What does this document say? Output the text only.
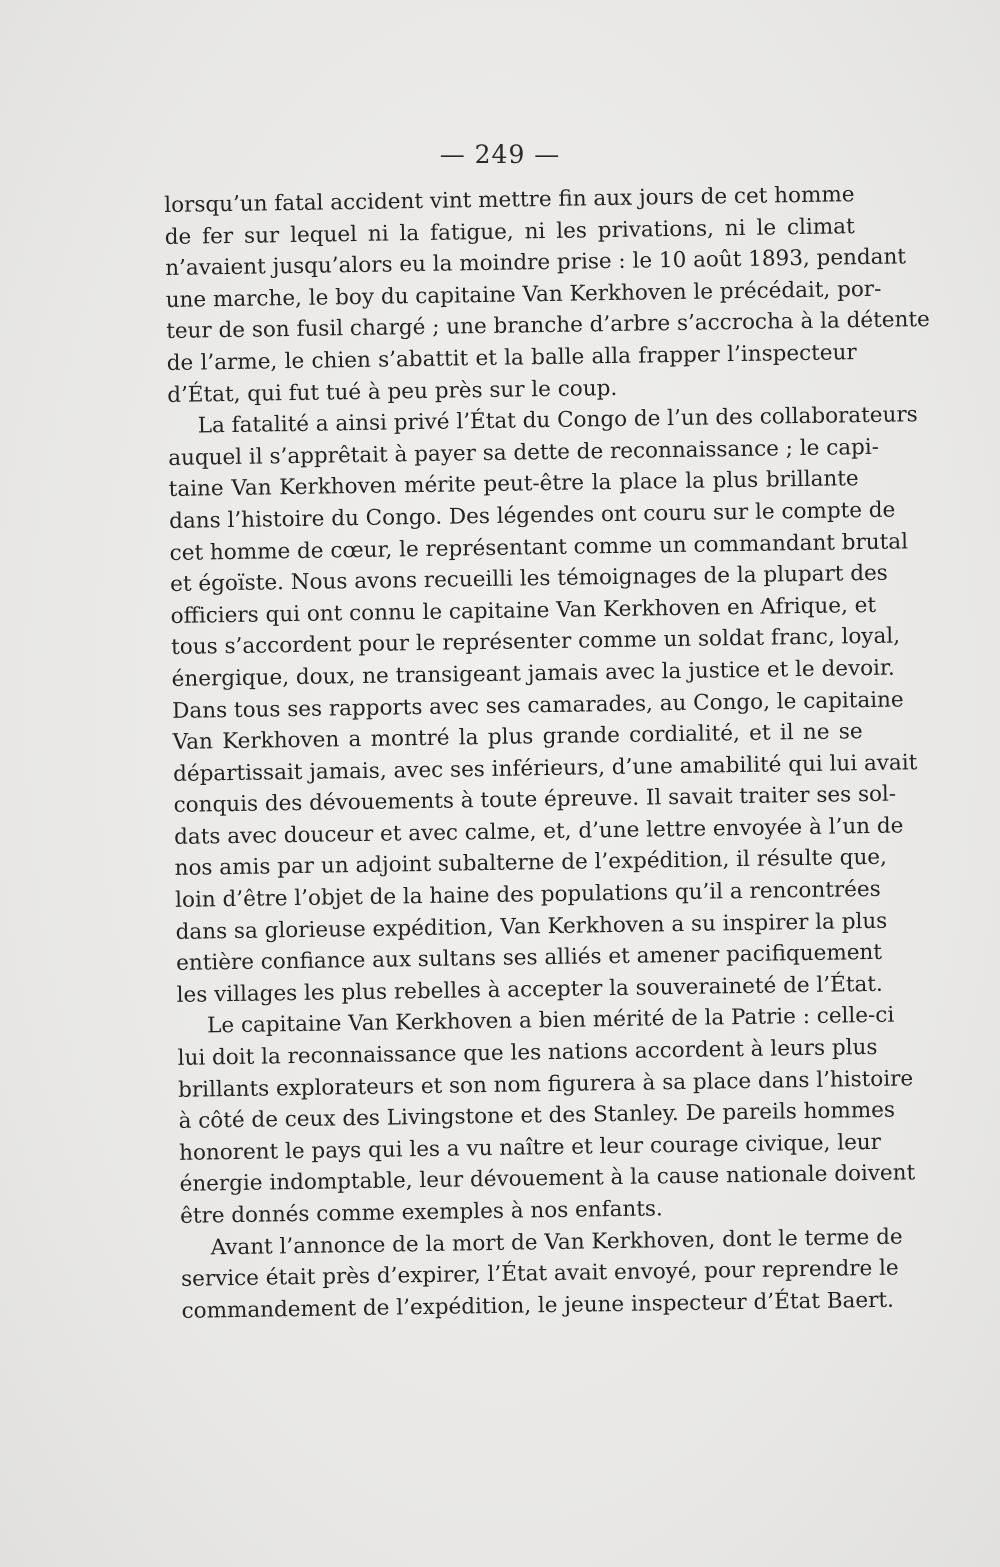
— 249 —
lorsqu’un fatal accident vint mettre fin aux jours de cet homme
de fer sur lequel ni la fatigue, ni les privations, ni le climat
n’avaient jusqu’alors eu la moindre prise : le 10 août 1893, pendant
une marche, le boy du capitaine Van Kerkhoven le précédait, por-
teur de son fusil chargé ; une branche d’arbre s’accrocha à la détente
de l’arme, le chien s’abattit et la balle alla frapper l’inspecteur
d’État, qui fut tué à peu près sur le coup.
La fatalité a ainsi privé l’État du Congo de l’un des collaborateurs
auquel il s’apprêtait à payer sa dette de reconnaissance ; le capi-
taine Van Kerkhoven mérite peut-être la place la plus brillante
dans l’histoire du Congo. Des légendes ont couru sur le compte de
cet homme de cœur, le représentant comme un commandant brutal
et égoïste. Nous avons recueilli les témoignages de la plupart des
officiers qui ont connu le capitaine Van Kerkhoven en Afrique, et
tous s’accordent pour le représenter comme un soldat franc, loyal,
énergique, doux, ne transigeant jamais avec la justice et le devoir.
Dans tous ses rapports avec ses camarades, au Congo, le capitaine
Van Kerkhoven a montré la plus grande cordialité, et il ne se
départissait jamais, avec ses inférieurs, d’une amabilité qui lui avait
conquis des dévouements à toute épreuve. Il savait traiter ses sol-
dats avec douceur et avec calme, et, d’une lettre envoyée à l’un de
nos amis par un adjoint subalterne de l’expédition, il résulte que,
loin d’être l’objet de la haine des populations qu’il a rencontrées
dans sa glorieuse expédition, Van Kerkhoven a su inspirer la plus
entière confiance aux sultans ses alliés et amener pacifiquement
les villages les plus rebelles à accepter la souveraineté de l’État.
Le capitaine Van Kerkhoven a bien mérité de la Patrie : celle-ci
lui doit la reconnaissance que les nations accordent à leurs plus
brillants explorateurs et son nom figurera à sa place dans l’histoire
à côté de ceux des Livingstone et des Stanley. De pareils hommes
honorent le pays qui les a vu naître et leur courage civique, leur
énergie indomptable, leur dévouement à la cause nationale doivent
être donnés comme exemples à nos enfants.
Avant l’annonce de la mort de Van Kerkhoven, dont le terme de
service était près d’expirer, l’État avait envoyé, pour reprendre le
commandement de l’expédition, le jeune inspecteur d’État Baert.
